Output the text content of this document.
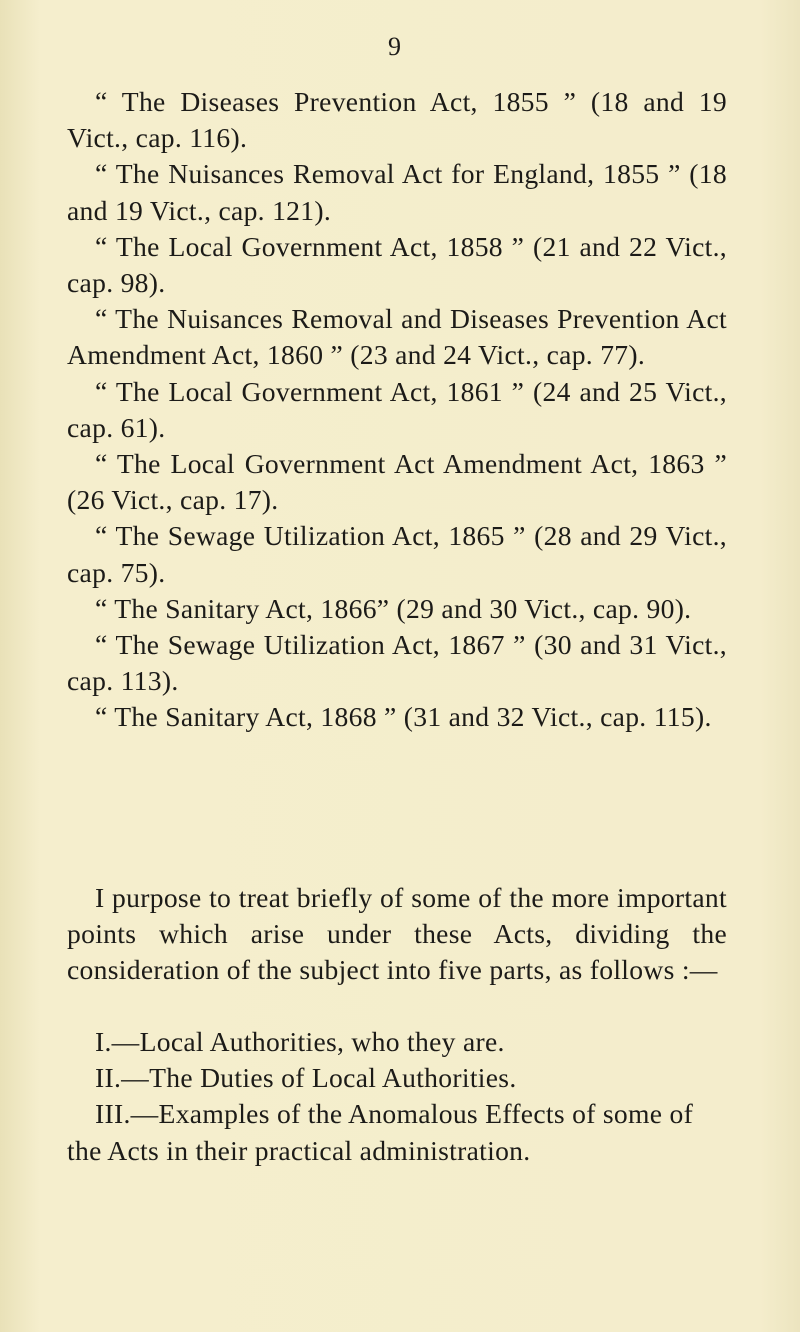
9

“ The Diseases Prevention Act, 1855 ” (18 and 19 Vict., cap. 116).

“ The Nuisances Removal Act for England, 1855 ” (18 and 19 Vict., cap. 121).

“ The Local Government Act, 1858 ” (21 and 22 Vict., cap. 98).

“ The Nuisances Removal and Diseases Prevention Act Amendment Act, 1860 ” (23 and 24 Vict., cap. 77).

“ The Local Government Act, 1861 ” (24 and 25 Vict., cap. 61).

“ The Local Government Act Amendment Act, 1863 ” (26 Vict., cap. 17).

“ The Sewage Utilization Act, 1865 ” (28 and 29 Vict., cap. 75).

“ The Sanitary Act, 1866” (29 and 30 Vict., cap. 90).

“ The Sewage Utilization Act, 1867 ” (30 and 31 Vict., cap. 113).

“ The Sanitary Act, 1868 ” (31 and 32 Vict., cap. 115).

I purpose to treat briefly of some of the more important points which arise under these Acts, dividing the consideration of the subject into five parts, as follows :—

I.—Local Authorities, who they are.

II.—The Duties of Local Authorities.

III.—Examples of the Anomalous Effects of some of the Acts in their practical administration.
